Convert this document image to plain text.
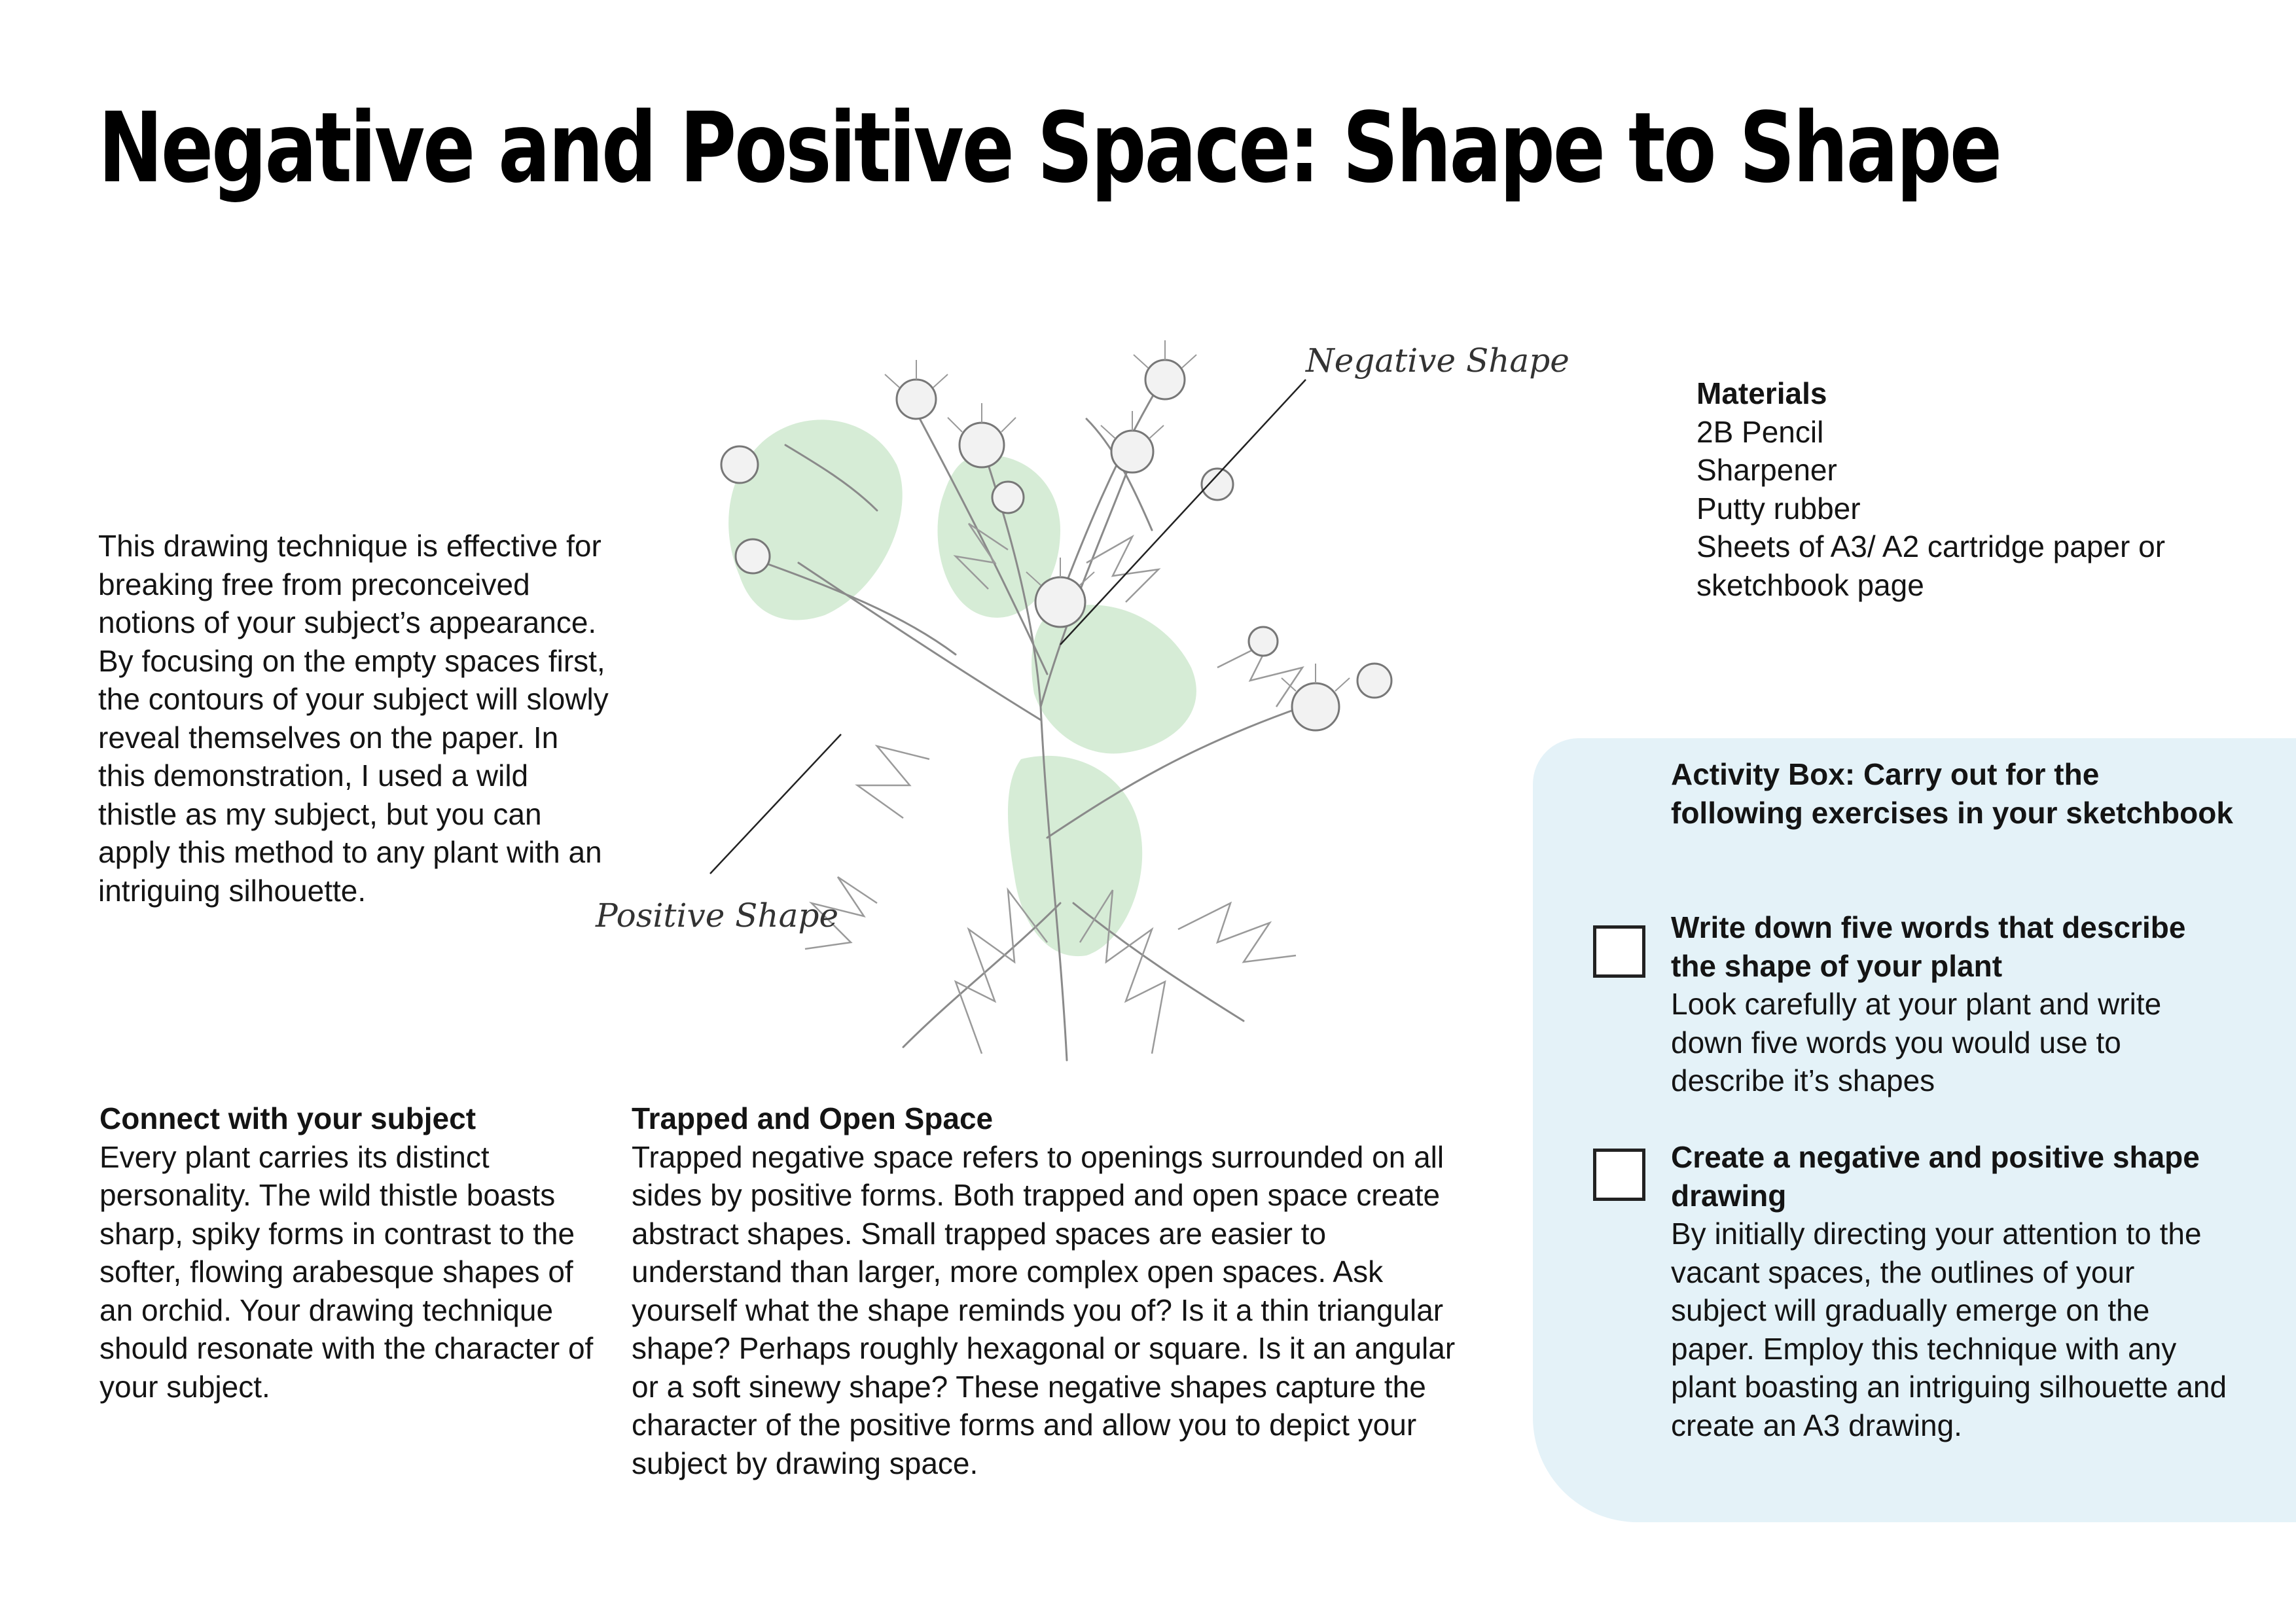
Negative and Positive Space: Shape to Shape

This drawing technique is effective for breaking free from preconceived notions of your subject’s appearance. By focusing on the empty spaces first, the contours of your subject will slowly reveal themselves on the paper. In this demonstration, I used a wild thistle as my subject, but you can apply this method to any plant with an intriguing silhouette.

Negative Shape
Positive Shape
Materials
2B Pencil
Sharpener
Putty rubber
Sheets of A3/ A2 cartridge paper or sketchbook page
Connect with your subject

Every plant carries its distinct personality. The wild thistle boasts sharp, spiky forms in contrast to the softer, flowing arabesque shapes of an orchid. Your drawing technique should resonate with the character of your subject.

Trapped and Open Space

Trapped negative space refers to openings surrounded on all sides by positive forms. Both trapped and open space create abstract shapes. Small trapped spaces are easier to understand than larger, more complex open spaces. Ask yourself what the shape reminds you of? Is it a thin triangular shape? Perhaps roughly hexagonal or square. Is it an angular or a soft sinewy shape? These negative shapes capture the character of the positive forms and allow you to depict your subject by drawing space.

Activity Box: Carry out for the following exercises in your sketchbook
Write down five words that describe the shape of your plant

Look carefully at your plant and write down five words you would use to describe it’s shapes

Create a negative and positive shape drawing

By initially directing your attention to the vacant spaces, the outlines of your subject will gradually emerge on the paper. Employ this technique with any plant boasting an intriguing silhouette and create an A3 drawing.
